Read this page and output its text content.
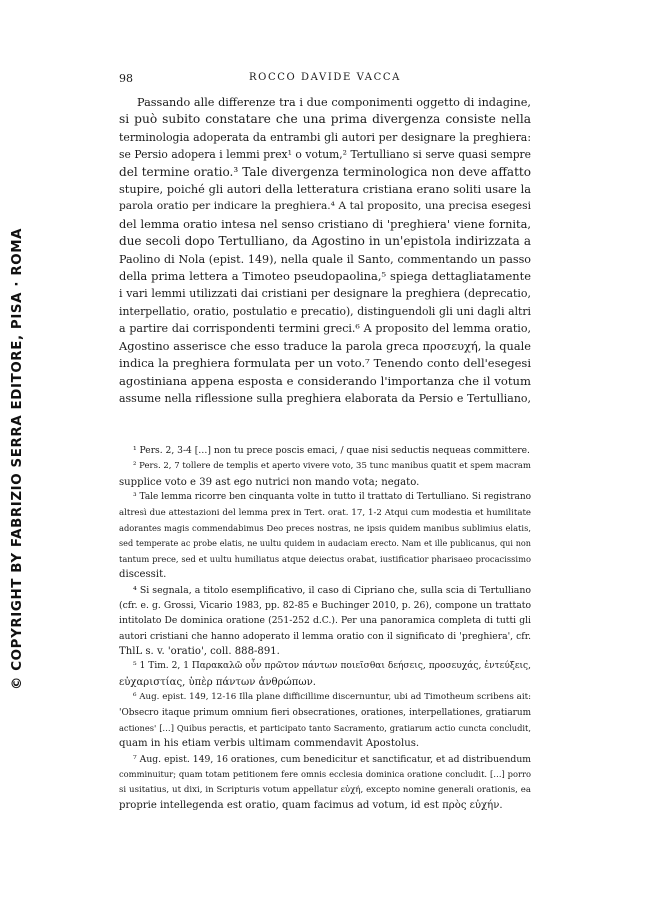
© COPYRIGHT BY FABRIZIO SERRA EDITORE, PISA · ROMA
98	ROCCO DAVIDE VACCA
Passando alle differenze tra i due componimenti oggetto di indagine,
si può subito constatare che una prima divergenza consiste nella
terminologia adoperata da entrambi gli autori per designare la preghiera:
se Persio adopera i lemmi prex¹ o votum,² Tertulliano si serve quasi sempre
del termine oratio.³ Tale divergenza terminologica non deve affatto
stupire, poiché gli autori della letteratura cristiana erano soliti usare la
parola oratio per indicare la preghiera.⁴ A tal proposito, una precisa esegesi
del lemma oratio intesa nel senso cristiano di 'preghiera' viene fornita,
due secoli dopo Tertulliano, da Agostino in un'epistola indirizzata a
Paolino di Nola (epist. 149), nella quale il Santo, commentando un passo
della prima lettera a Timoteo pseudopaolina,⁵ spiega dettagliatamente
i vari lemmi utilizzati dai cristiani per designare la preghiera (deprecatio,
interpellatio, oratio, postulatio e precatio), distinguendoli gli uni dagli altri
a partire dai corrispondenti termini greci.⁶ A proposito del lemma oratio,
Agostino asserisce che esso traduce la parola greca προσευχή, la quale
indica la preghiera formulata per un voto.⁷ Tenendo conto dell'esegesi
agostiniana appena esposta e considerando l'importanza che il votum
assume nella riflessione sulla preghiera elaborata da Persio e Tertulliano,
¹ Pers. 2, 3-4 […] non tu prece poscis emaci, / quae nisi seductis nequeas committere.
² Pers. 2, 7 tollere de templis et aperto vivere voto, 35 tunc manibus quatit et spem macram
supplice voto e 39 ast ego nutrici non mando vota; negato.
³ Tale lemma ricorre ben cinquanta volte in tutto il trattato di Tertulliano. Si registrano
altresì due attestazioni del lemma prex in Tert. orat. 17, 1-2 Atqui cum modestia et humilitate
adorantes magis commendabimus Deo preces nostras, ne ipsis quidem manibus sublimius elatis,
sed temperate ac probe elatis, ne uultu quidem in audaciam erecto. Nam et ille publicanus, qui non
tantum prece, sed et uultu humiliatus atque deiectus orabat, iustificatior pharisaeo procacissimo
discessit.
⁴ Si segnala, a titolo esemplificativo, il caso di Cipriano che, sulla scia di Tertulliano
(cfr. e. g. Grossi, Vicario 1983, pp. 82-85 e Buchinger 2010, p. 26), compone un trattato
intitolato De dominica oratione (251-252 d.C.). Per una panoramica completa di tutti gli
autori cristiani che hanno adoperato il lemma oratio con il significato di 'preghiera', cfr.
ThlL s. v. 'oratio', coll. 888-891.
⁵ 1 Tim. 2, 1 Παρακαλῶ οὖν πρῶτον πάντων ποιεῖσθαι δεήσεις, προσευχάς, ἐντεύξεις,
εὐχαριστίας, ὑπὲρ πάντων ἀνθρώπων.
⁶ Aug. epist. 149, 12-16 Illa plane difficillime discernuntur, ubi ad Timotheum scribens ait:
'Obsecro itaque primum omnium fieri obsecrationes, orationes, interpellationes, gratiarum
actiones' […] Quibus peractis, et participato tanto Sacramento, gratiarum actio cuncta concludit,
quam in his etiam verbis ultimam commendavit Apostolus.
⁷ Aug. epist. 149, 16 orationes, cum benedicitur et sanctificatur, et ad distribuendum
comminuitur; quam totam petitionem fere omnis ecclesia dominica oratione concludit. […] porro
si usitatius, ut dixi, in Scripturis votum appellatur εὐχή, excepto nomine generali orationis, ea
proprie intellegenda est oratio, quam facimus ad votum, id est πρὸς εὐχήν.
